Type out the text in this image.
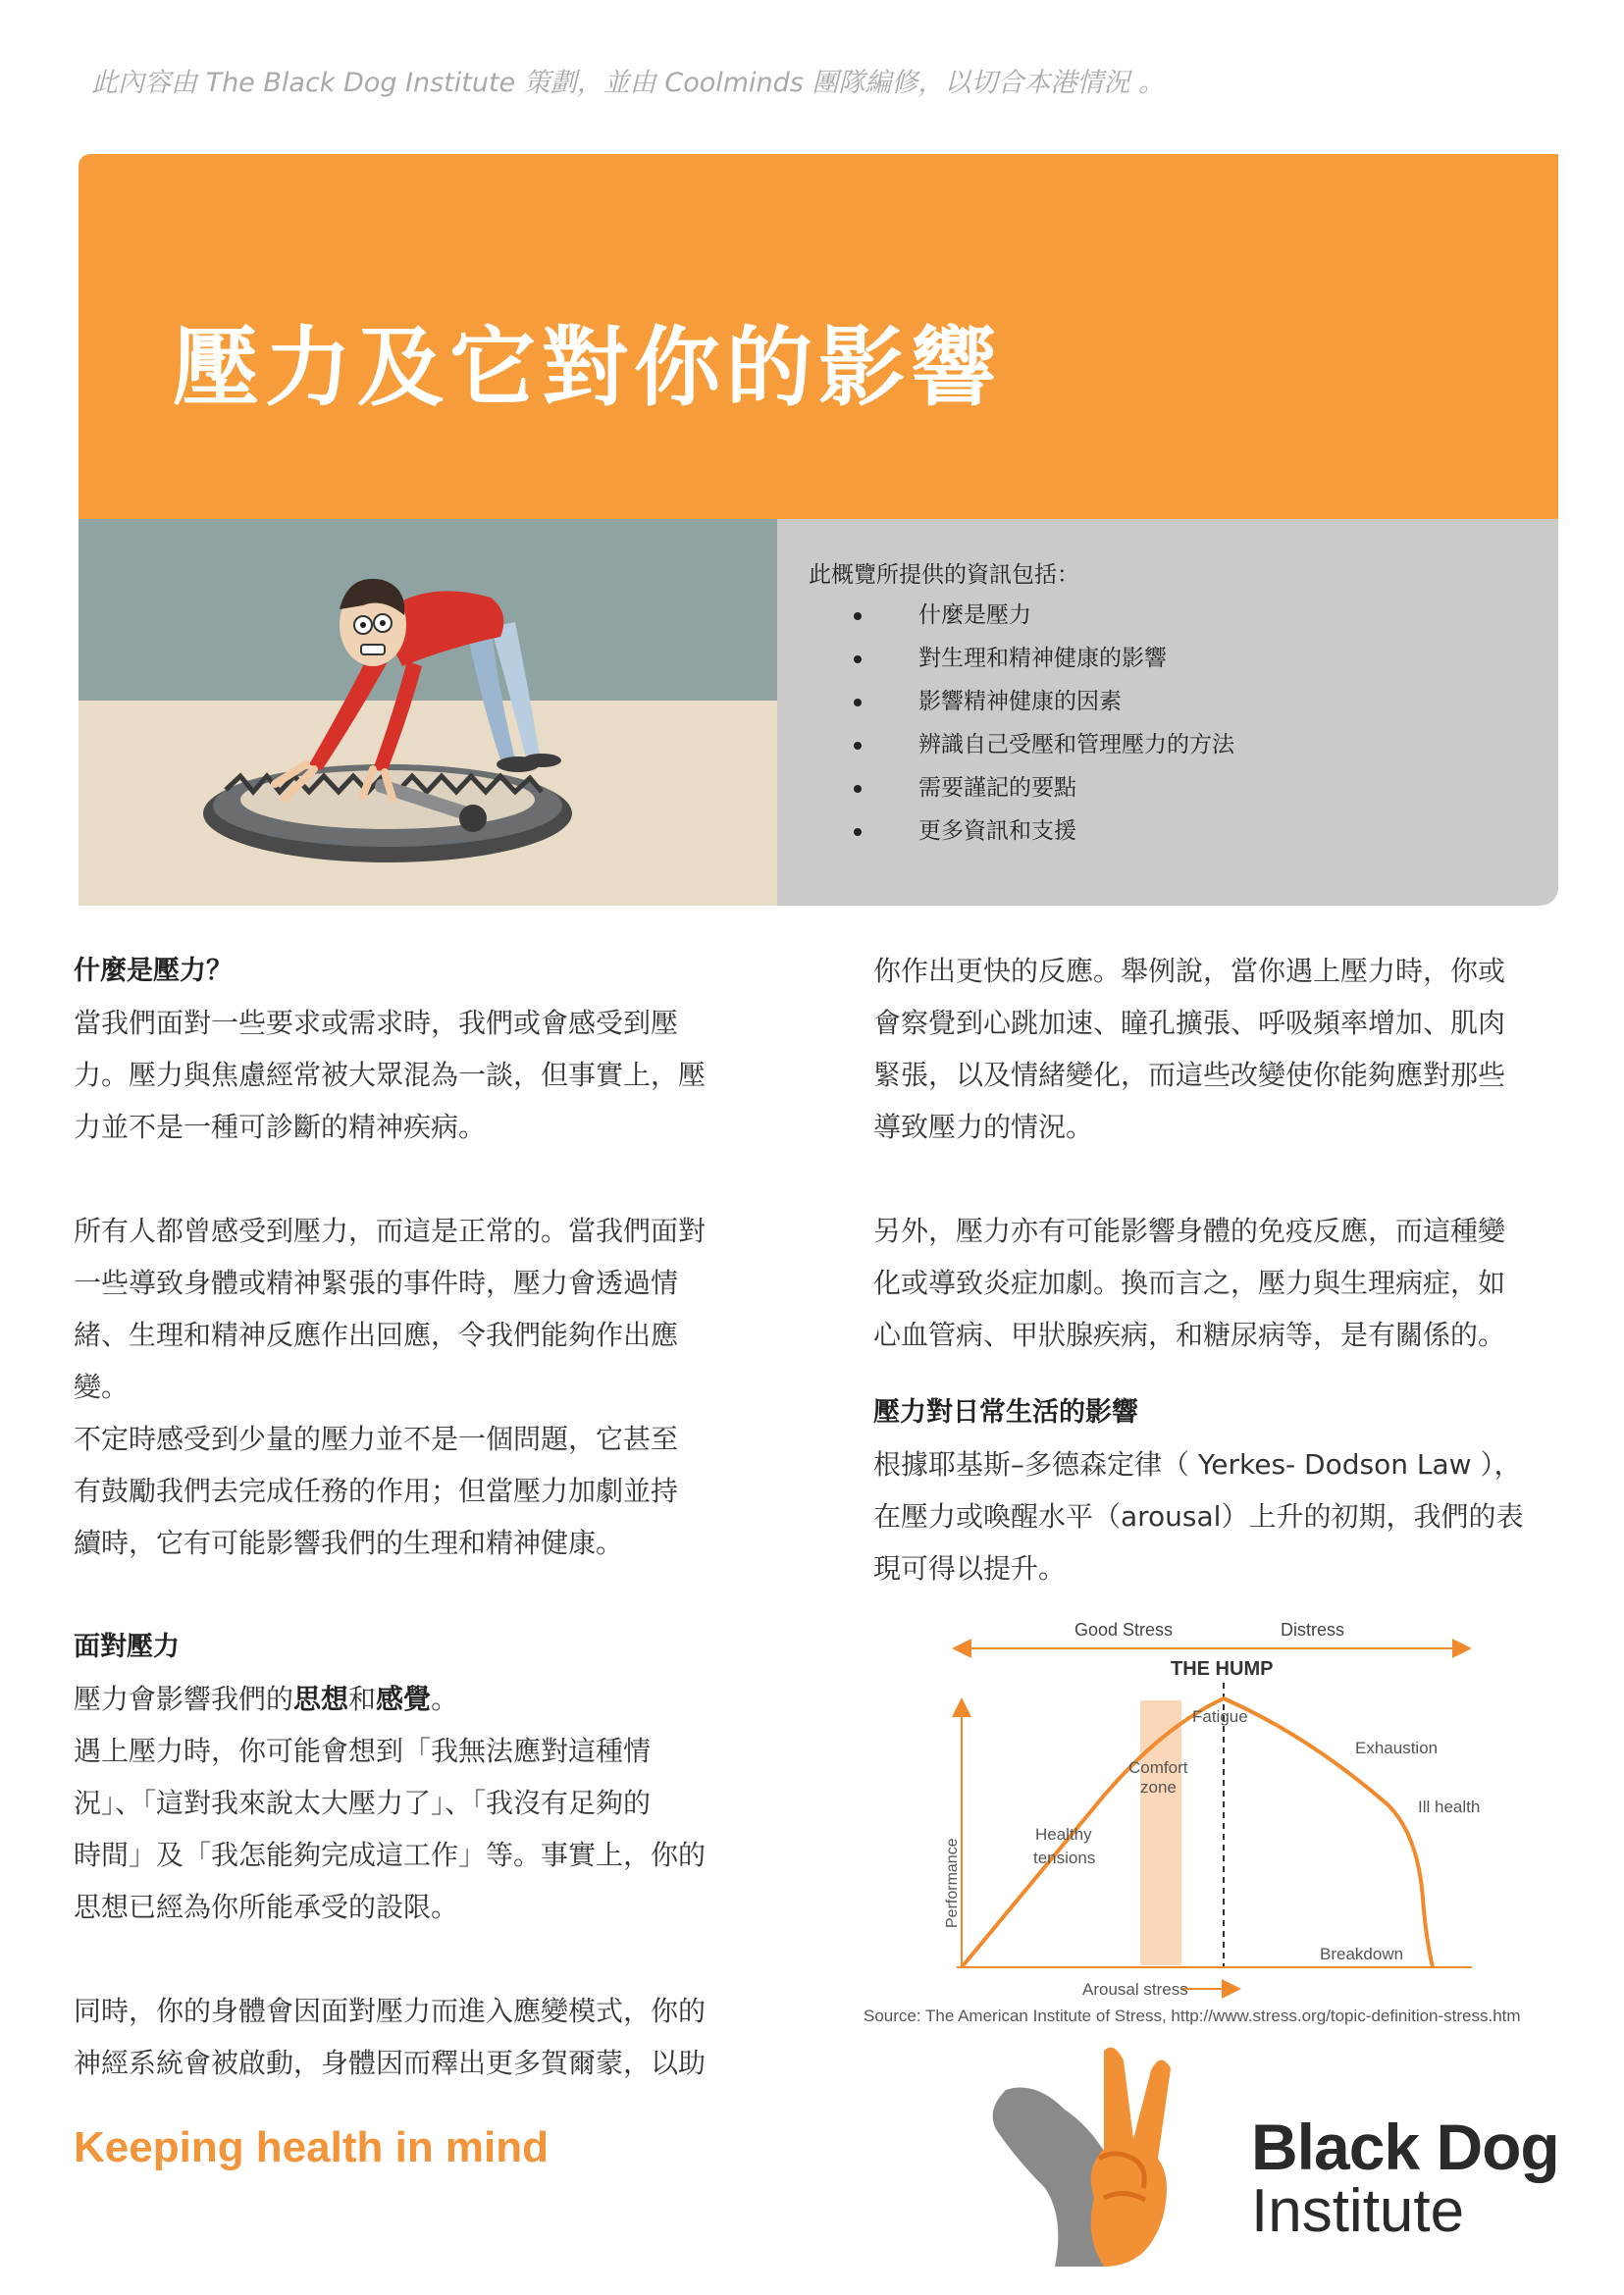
此內容由 The Black Dog Institute 策劃，並由 Coolminds 團隊編修，以切合本港情況 。
壓力及它對你的影響
此概覽所提供的資訊包括：
什麼是壓力
對生理和精神健康的影響
影響精神健康的因素
辨識自己受壓和管理壓力的方法
需要謹記的要點
更多資訊和支援
什麼是壓力？

當我們面對一些要求或需求時，我們或會感受到壓
力。壓力與焦慮經常被大眾混為一談，但事實上，壓
力並不是一種可診斷的精神疾病。

所有人都曾感受到壓力，而這是正常的。當我們面對
一些導致身體或精神緊張的事件時，壓力會透過情
緒、生理和精神反應作出回應，令我們能夠作出應
變。

不定時感受到少量的壓力並不是一個問題，它甚至
有鼓勵我們去完成任務的作用；但當壓力加劇並持
續時，它有可能影響我們的生理和精神健康。

面對壓力

壓力會影響我們的思想和感覺。

遇上壓力時，你可能會想到「我無法應對這種情
況」、「這對我來說太大壓力了」、「我沒有足夠的
時間」及「我怎能夠完成這工作」等。事實上，你的
思想已經為你所能承受的設限。

同時，你的身體會因面對壓力而進入應變模式，你的
神經系統會被啟動，身體因而釋出更多賀爾蒙，以助

你作出更快的反應。舉例說，當你遇上壓力時，你或
會察覺到心跳加速、瞳孔擴張、呼吸頻率增加、肌肉
緊張，以及情緒變化，而這些改變使你能夠應對那些
導致壓力的情況。

另外，壓力亦有可能影響身體的免疫反應，而這種變
化或導致炎症加劇。換而言之，壓力與生理病症，如
心血管病、甲狀腺疾病，和糖尿病等，是有關係的。

壓力對日常生活的影響

根據耶基斯–多德森定律（ Yerkes- Dodson Law ），
在壓力或喚醒水平（arousal）上升的初期，我們的表
現可得以提升。

Good Stress	Distress
THE HUMP
Fatigue
Exhaustion
Comfort
zone
Ill health
Healthy
tensions
Performance
Breakdown
Arousal stress
Source: The American Institute of Stress, http://www.stress.org/topic-definition-stress.htm
Keeping health in mind	Black Dog
Institute
